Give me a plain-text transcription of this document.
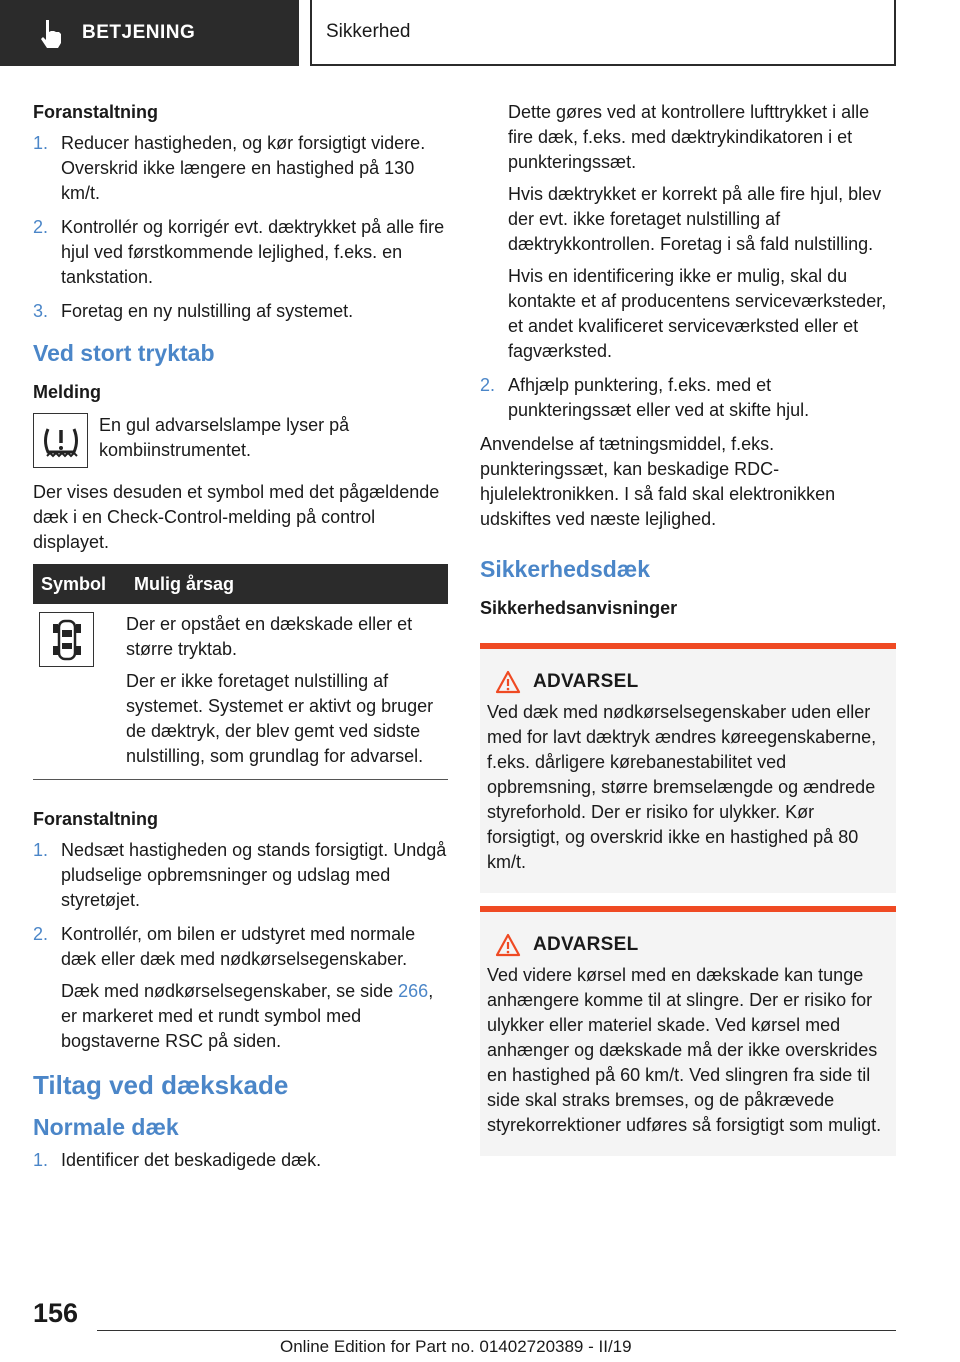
BETJENING	Sikkerhed
Foranstaltning
1. Reducer hastigheden, og kør forsigtigt videre. Overskrid ikke længere en hastighed på 130 km/t.
2. Kontrollér og korrigér evt. dæktrykket på alle fire hjul ved førstkommende lejlighed, f.eks. en tankstation.
3. Foretag en ny nulstilling af systemet.
Ved stort tryktab
Melding
En gul advarselslampe lyser på kombiinstrumentet.
Der vises desuden et symbol med det pågældende dæk i en Check-Control-melding på control displayet.
Symbol	Mulig årsag

Der er opstået en dækskade eller et større tryktab.

Der er ikke foretaget nulstilling af systemet. Systemet er aktivt og bruger de dæktryk, der blev gemt ved sidste nulstilling, som grundlag for advarsel.

Foranstaltning
1. Nedsæt hastigheden og stands forsigtigt. Undgå pludselige opbremsninger og udslag med styretøjet.
2. Kontrollér, om bilen er udstyret med normale dæk eller dæk med nødkørselsegenskaber.

Dæk med nødkørselsegenskaber, se side 266, er markeret med et rundt symbol med bogstaverne RSC på siden.

Tiltag ved dækskade
Normale dæk
1. Identificer det beskadigede dæk.

Dette gøres ved at kontrollere lufttrykket i alle fire dæk, f.eks. med dæktrykindikatoren i et punkteringssæt.

Hvis dæktrykket er korrekt på alle fire hjul, blev der evt. ikke foretaget nulstilling af dæktrykkontrollen. Foretag i så fald nulstilling.

Hvis en identificering ikke er mulig, skal du kontakte et af producentens serviceværksteder, et andet kvalificeret serviceværksted eller et fagværksted.

2. Afhjælp punktering, f.eks. med et punkteringssæt eller ved at skifte hjul.
Anvendelse af tætningsmiddel, f.eks. punkteringssæt, kan beskadige RDC-hjulelektronikken. I så fald skal elektronikken udskiftes ved næste lejlighed.
Sikkerhedsdæk
Sikkerhedsanvisninger
ADVARSEL
Ved dæk med nødkørselsegenskaber uden eller med for lavt dæktryk ændres køreegenskaberne, f.eks. dårligere kørebanestabilitet ved opbremsning, større bremselængde og ændrede styreforhold. Der er risiko for ulykker. Kør forsigtigt, og overskrid ikke en hastighed på 80 km/t.
ADVARSEL
Ved videre kørsel med en dækskade kan tunge anhængere komme til at slingre. Der er risiko for ulykker eller materiel skade. Ved kørsel med anhænger og dækskade må der ikke overskrides en hastighed på 60 km/t. Ved slingren fra side til side skal straks bremses, og de påkrævede styrekorrektioner udføres så forsigtigt som muligt.
156
Online Edition for Part no. 01402720389 - II/19
